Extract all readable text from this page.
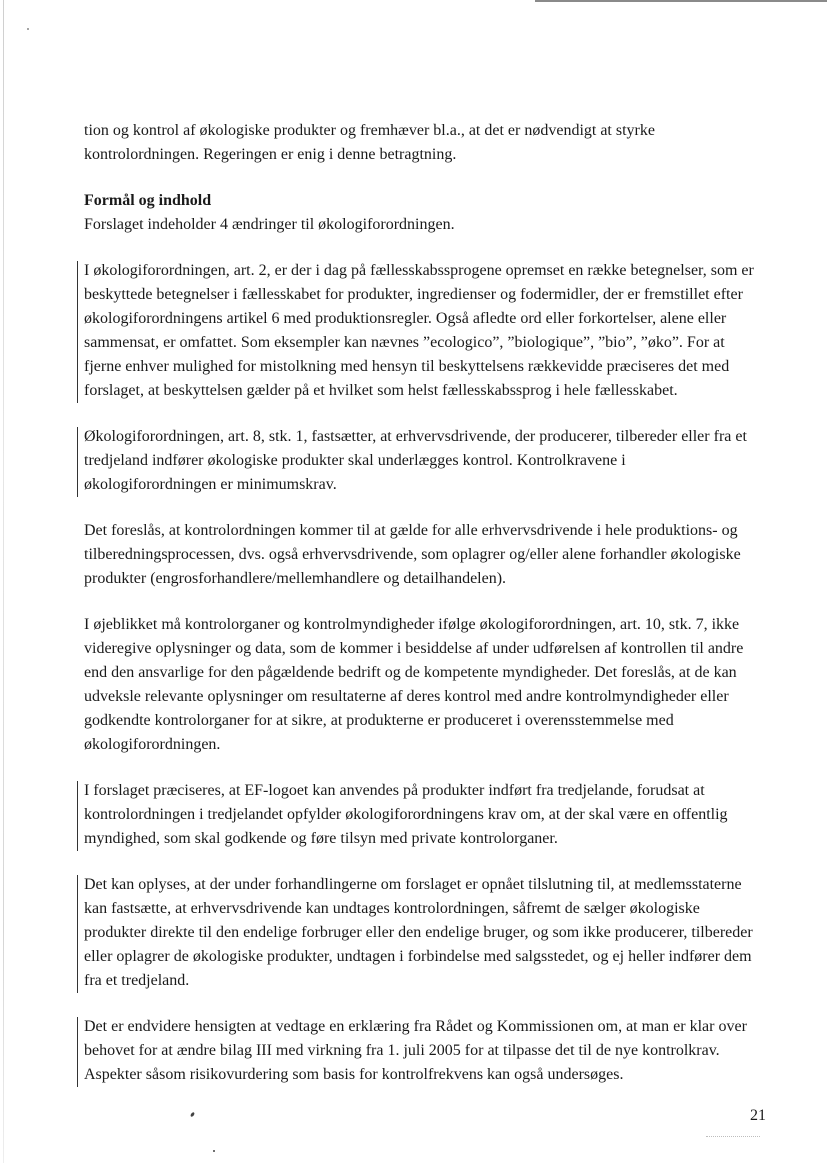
tion og kontrol af økologiske produkter og fremhæver bl.a., at det er nødvendigt at styrke kontrolordningen. Regeringen er enig i denne betragtning.

Formål og indhold

Forslaget indeholder 4 ændringer til økologiforordningen.

I økologiforordningen, art. 2, er der i dag på fællesskabssprogene opremset en række betegnelser, som er beskyttede betegnelser i fællesskabet for produkter, ingredienser og fodermidler, der er fremstillet efter økologiforordningens artikel 6 med produktionsregler. Også afledte ord eller forkortelser, alene eller sammensat, er omfattet. Som eksempler kan nævnes ”ecologico”, ”biologique”, ”bio”, ”øko”. For at fjerne enhver mulighed for mistolkning med hensyn til beskyttelsens rækkevidde præciseres det med forslaget, at beskyttelsen gælder på et hvilket som helst fællesskabssprog i hele fællesskabet.

Økologiforordningen, art. 8, stk. 1, fastsætter, at erhvervsdrivende, der producerer, tilbereder eller fra et tredjeland indfører økologiske produkter skal underlægges kontrol. Kontrolkravene i økologiforordningen er minimumskrav.

Det foreslås, at kontrolordningen kommer til at gælde for alle erhvervsdrivende i hele produktions- og tilberedningsprocessen, dvs. også erhvervsdrivende, som oplagrer og/eller alene forhandler økologiske produkter (engrosforhandlere/mellemhandlere og detailhandelen).

I øjeblikket må kontrolorganer og kontrolmyndigheder ifølge økologiforordningen, art. 10, stk. 7, ikke videregive oplysninger og data, som de kommer i besiddelse af under udførelsen af kontrollen til andre end den ansvarlige for den pågældende bedrift og de kompetente myndigheder. Det foreslås, at de kan udveksle relevante oplysninger om resultaterne af deres kontrol med andre kontrolmyndigheder eller godkendte kontrolorganer for at sikre, at produkterne er produceret i overensstemmelse med økologiforordningen.

I forslaget præciseres, at EF-logoet kan anvendes på produkter indført fra tredjelande, forudsat at kontrolordningen i tredjelandet opfylder økologiforordningens krav om, at der skal være en offentlig myndighed, som skal godkende og føre tilsyn med private kontrolorganer.

Det kan oplyses, at der under forhandlingerne om forslaget er opnået tilslutning til, at medlemsstaterne kan fastsætte, at erhvervsdrivende kan undtages kontrolordningen, såfremt de sælger økologiske produkter direkte til den endelige forbruger eller den endelige bruger, og som ikke producerer, tilbereder eller oplagrer de økologiske produkter, undtagen i forbindelse med salgsstedet, og ej heller indfører dem fra et tredjeland.

Det er endvidere hensigten at vedtage en erklæring fra Rådet og Kommissionen om, at man er klar over behovet for at ændre bilag III med virkning fra 1. juli 2005 for at tilpasse det til de nye kontrolkrav. Aspekter såsom risikovurdering som basis for kontrolfrekvens kan også undersøges.

21
